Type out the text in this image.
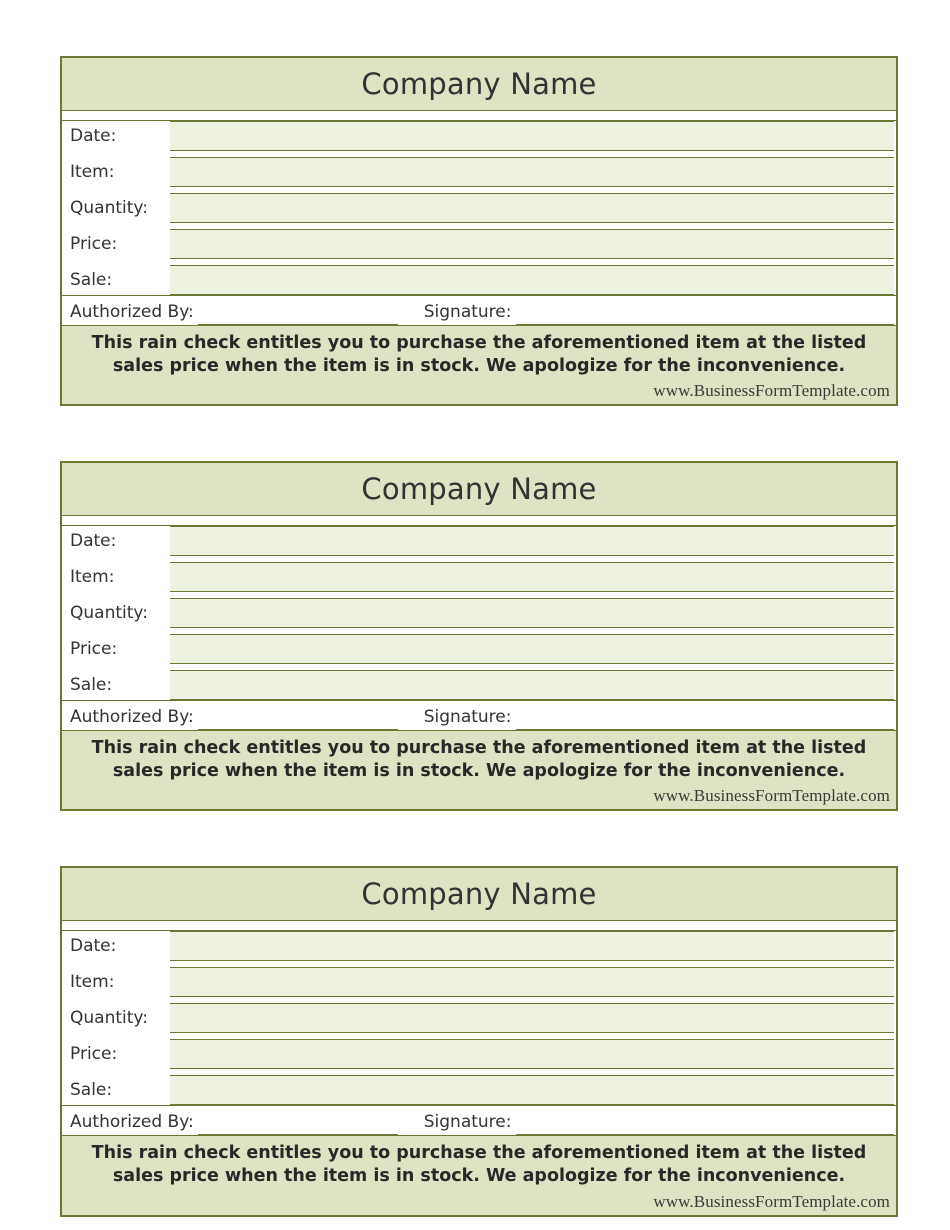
Company Name
Date:
Item:
Quantity:
Price:
Sale:
Authorized By:	Signature:
This rain check entitles you to purchase the aforementioned item at the listed
sales price when the item is in stock. We apologize for the inconvenience.
www.BusinessFormTemplate.com
Company Name
Date:
Item:
Quantity:
Price:
Sale:
Authorized By:	Signature:
This rain check entitles you to purchase the aforementioned item at the listed
sales price when the item is in stock. We apologize for the inconvenience.
www.BusinessFormTemplate.com
Company Name
Date:
Item:
Quantity:
Price:
Sale:
Authorized By:	Signature:
This rain check entitles you to purchase the aforementioned item at the listed
sales price when the item is in stock. We apologize for the inconvenience.
www.BusinessFormTemplate.com
